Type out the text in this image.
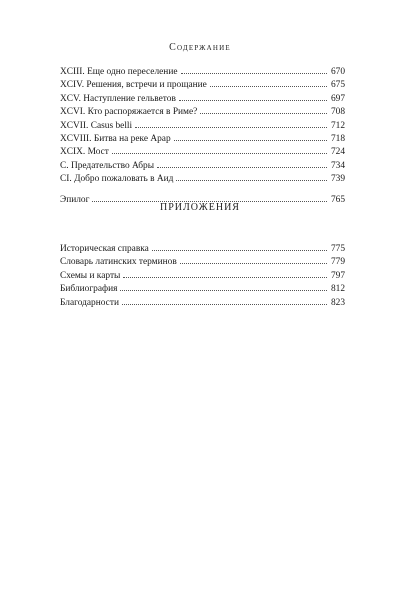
Содержание
XCIII. Еще одно переселение	670
XCIV. Решения, встречи и прощание	675
XCV. Наступление гельветов	697
XCVI. Кто распоряжается в Риме?	708
XCVII. Casus belli	712
XCVIII. Битва на реке Арар	718
XCIX. Мост	724
C. Предательство Абры	734
CI. Добро пожаловать в Аид	739
Эпилог	765
ПРИЛОЖЕНИЯ
Историческая справка	775
Словарь латинских терминов	779
Схемы и карты	797
Библиография	812
Благодарности	823
